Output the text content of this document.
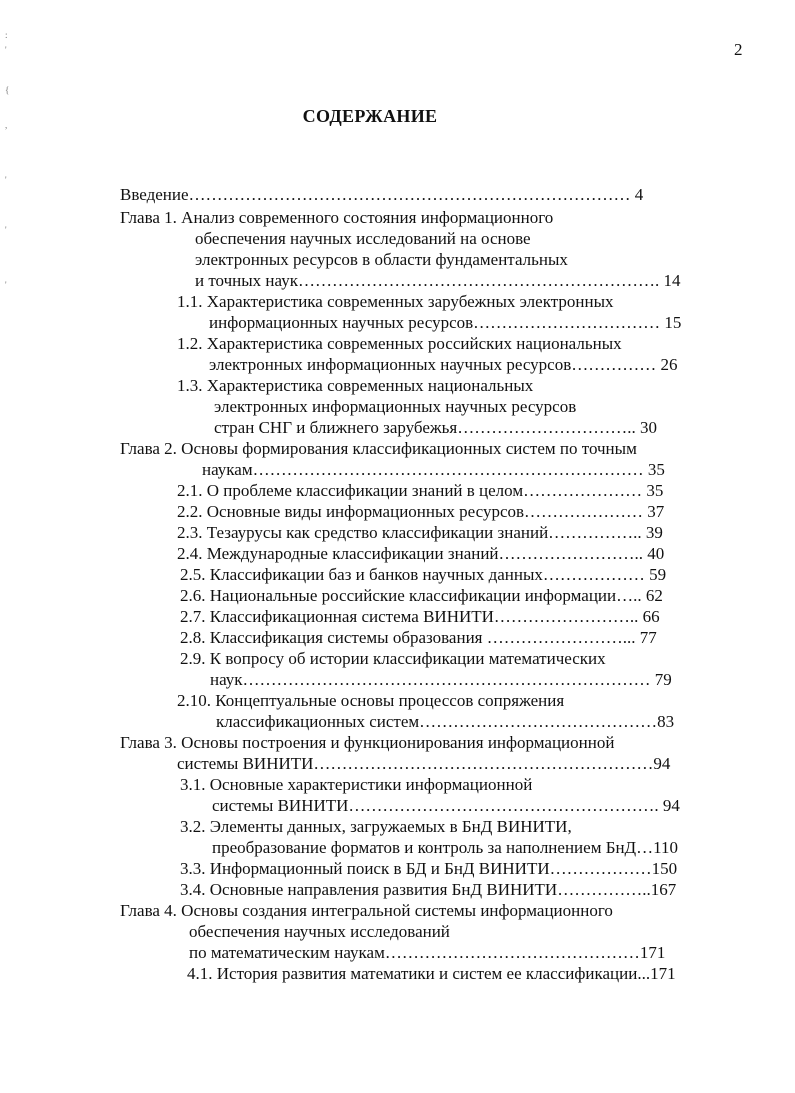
2
:
'
{
,
'
'
'
СОДЕРЖАНИЕ
Введение…………………………………………………………………… 4
Глава 1. Анализ современного состояния информационного
обеспечения научных исследований на основе
электронных ресурсов в области фундаментальных
и точных наук………………………………………………………. 14
1.1. Характеристика современных зарубежных электронных
информационных научных ресурсов…………………………… 15
1.2. Характеристика современных российских национальных
электронных информационных научных ресурсов…………… 26
1.3. Характеристика современных национальных
электронных информационных научных ресурсов
стран СНГ и ближнего зарубежья………………………….. 30
Глава 2. Основы формирования классификационных систем по точным
наукам…………………………………………………………… 35
2.1. О проблеме классификации знаний в целом………………… 35
2.2. Основные виды информационных ресурсов………………… 37
2.3. Тезаурусы как средство классификации знаний…………….. 39
2.4. Международные классификации знаний…………………….. 40
2.5. Классификации баз и банков научных данных……………… 59
2.6. Национальные российские классификации информации….. 62
2.7. Классификационная система ВИНИТИ…………………….. 66
2.8. Классификация системы образования ……………………... 77
2.9. К вопросу об истории классификации математических
наук……………………………………………………………… 79
2.10. Концептуальные основы процессов сопряжения
классификационных систем……………………………………83
Глава 3. Основы построения и функционирования информационной
системы ВИНИТИ……………………………………………………94
3.1. Основные характеристики информационной
системы ВИНИТИ………………………………………………. 94
3.2. Элементы данных, загружаемых в БнД ВИНИТИ,
преобразование форматов и контроль за наполнением БнД…110
3.3. Информационный поиск в БД и БнД ВИНИТИ………………150
3.4. Основные направления развития БнД ВИНИТИ……………..167
Глава 4. Основы создания интегральной системы информационного
обеспечения научных исследований
по математическим наукам………………………………………171
4.1. История развития математики и систем ее классификации...171
